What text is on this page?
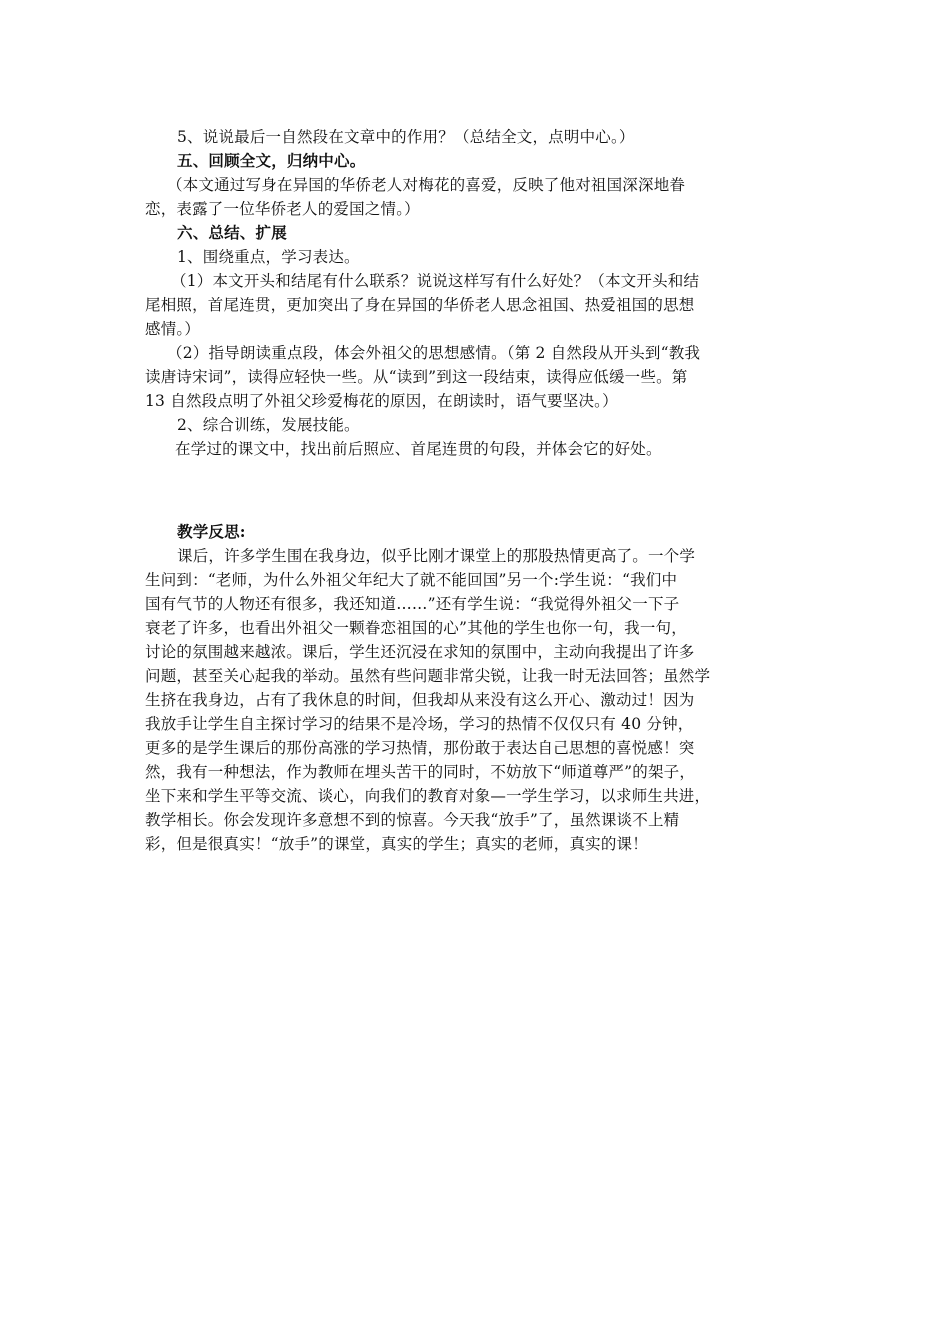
5、说说最后一自然段在文章中的作用？（总结全文，点明中心。）
五、回顾全文，归纳中心。
（本文通过写身在异国的华侨老人对梅花的喜爱，反映了他对祖国深深地眷
恋，表露了一位华侨老人的爱国之情。）
六、总结、扩展
1、围绕重点，学习表达。
（1）本文开头和结尾有什么联系？说说这样写有什么好处？（本文开头和结
尾相照，首尾连贯，更加突出了身在异国的华侨老人思念祖国、热爱祖国的思想
感情。）
（2）指导朗读重点段，体会外祖父的思想感情。（第 2 自然段从开头到“教我
读唐诗宋词”，读得应轻快一些。从“读到”到这一段结束，读得应低缓一些。第
13 自然段点明了外祖父珍爱梅花的原因，在朗读时，语气要坚决。）
2、综合训练，发展技能。
在学过的课文中，找出前后照应、首尾连贯的句段，并体会它的好处。
教学反思:
课后，许多学生围在我身边，似乎比刚才课堂上的那股热情更高了。一个学
生问到：“老师，为什么外祖父年纪大了就不能回国”另一个:学生说：“我们中
国有气节的人物还有很多，我还知道……”还有学生说：“我觉得外祖父一下子
衰老了许多，也看出外祖父一颗眷恋祖国的心”其他的学生也你一句，我一句，
讨论的氛围越来越浓。课后，学生还沉浸在求知的氛围中，主动向我提出了许多
问题，甚至关心起我的举动。虽然有些问题非常尖锐，让我一时无法回答；虽然学
生挤在我身边，占有了我休息的时间，但我却从来没有这么开心、激动过！因为
我放手让学生自主探讨学习的结果不是冷场，学习的热情不仅仅只有 40 分钟，
更多的是学生课后的那份高涨的学习热情，那份敢于表达自己思想的喜悦感！突
然，我有一种想法，作为教师在埋头苦干的同时，不妨放下“师道尊严”的架子，
坐下来和学生平等交流、谈心，向我们的教育对象—一学生学习，以求师生共进，
教学相长。你会发现许多意想不到的惊喜。今天我“放手”了，虽然课谈不上精
彩，但是很真实！“放手”的课堂，真实的学生；真实的老师，真实的课！
